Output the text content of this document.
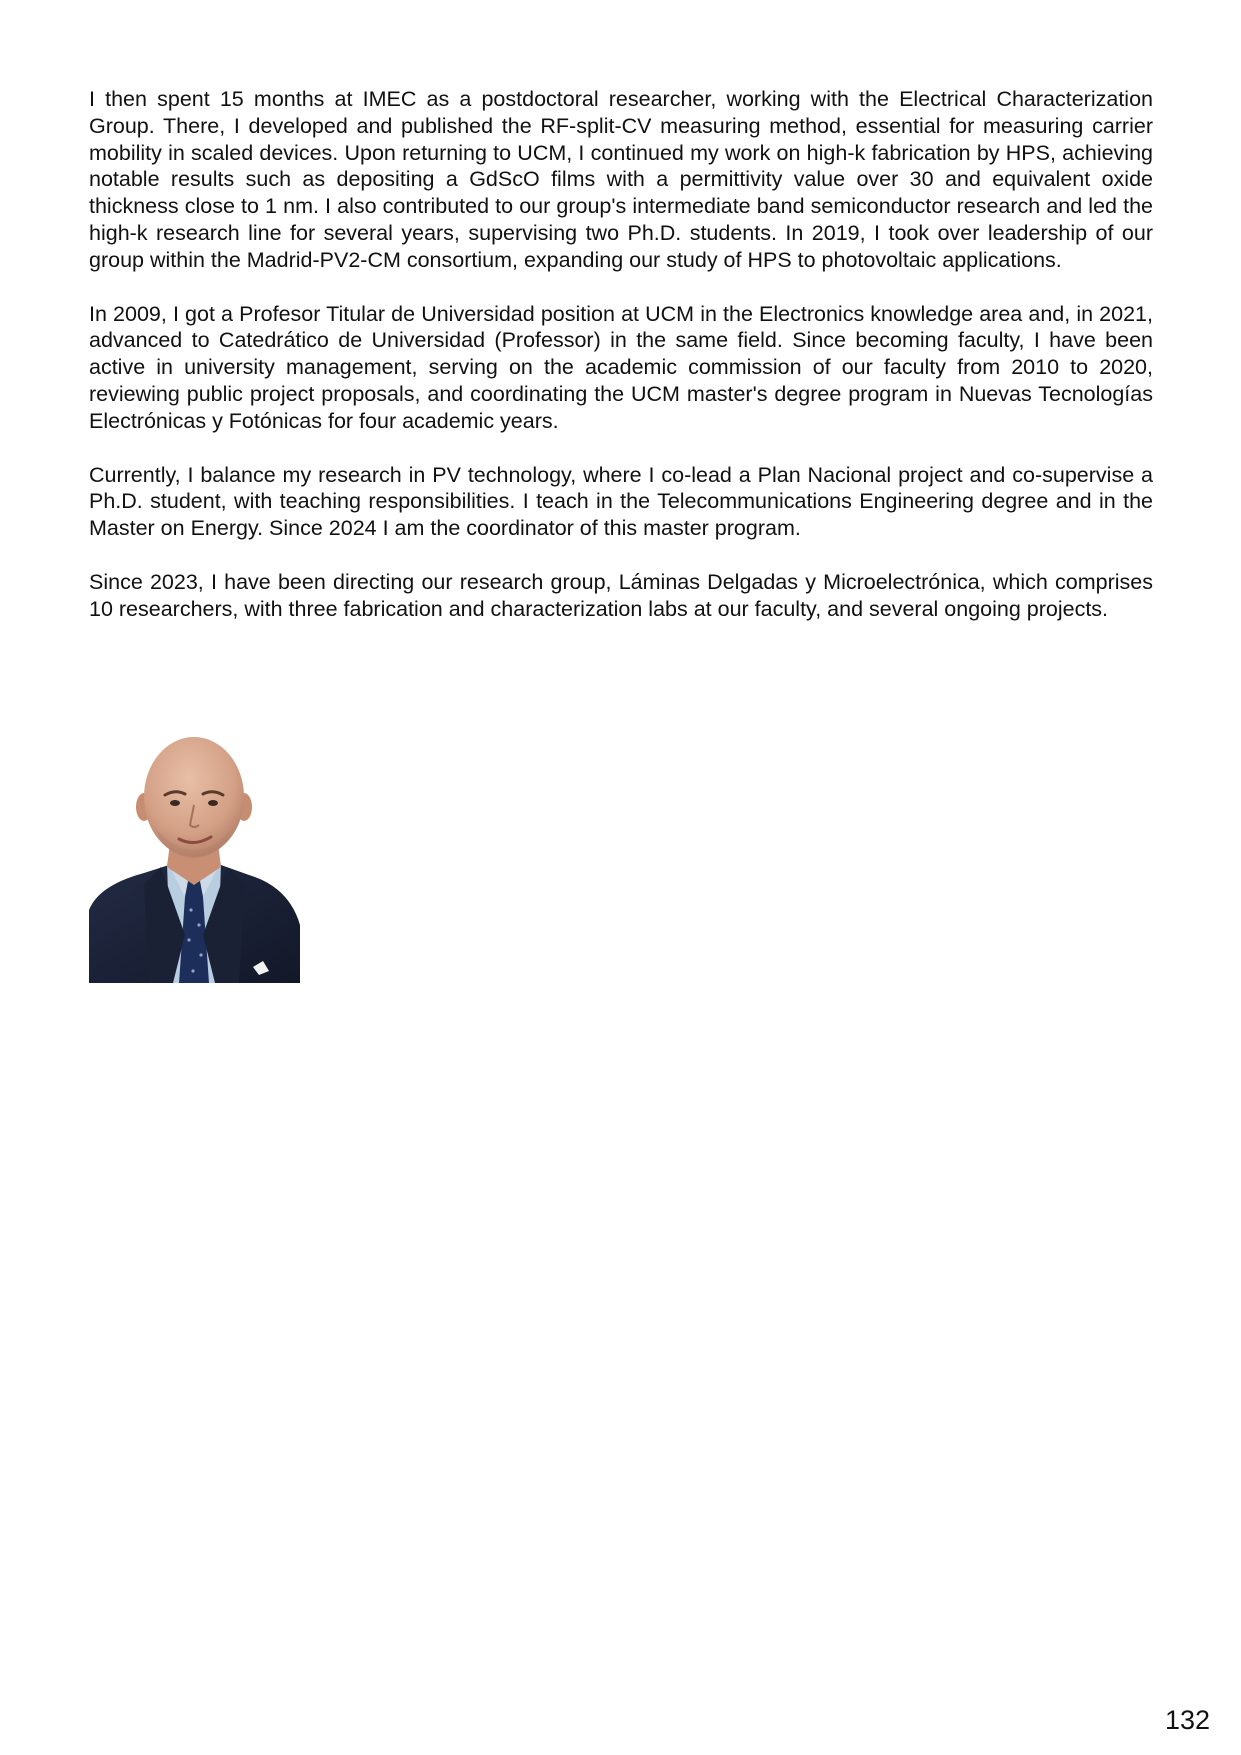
I then spent 15 months at IMEC as a postdoctoral researcher, working with the Electrical Characterization Group. There, I developed and published the RF-split-CV measuring method, essential for measuring carrier mobility in scaled devices. Upon returning to UCM, I continued my work on high-k fabrication by HPS, achieving notable results such as depositing a GdScO films with a permittivity value over 30 and equivalent oxide thickness close to 1 nm. I also contributed to our group's intermediate band semiconductor research and led the high-k research line for several years, supervising two Ph.D. students. In 2019, I took over leadership of our group within the Madrid-PV2-CM consortium, expanding our study of HPS to photovoltaic applications.

In 2009, I got a Profesor Titular de Universidad position at UCM in the Electronics knowledge area and, in 2021, advanced to Catedrático de Universidad (Professor) in the same field. Since becoming faculty, I have been active in university management, serving on the academic commission of our faculty from 2010 to 2020, reviewing public project proposals, and coordinating the UCM master's degree program in Nuevas Tecnologías Electrónicas y Fotónicas for four academic years.

Currently, I balance my research in PV technology, where I co-lead a Plan Nacional project and co-supervise a Ph.D. student, with teaching responsibilities. I teach in the Telecommunications Engineering degree and in the Master on Energy. Since 2024 I am the coordinator of this master program.

Since 2023, I have been directing our research group, Láminas Delgadas y Microelectrónica, which comprises 10 researchers, with three fabrication and characterization labs at our faculty, and several ongoing projects.

132
